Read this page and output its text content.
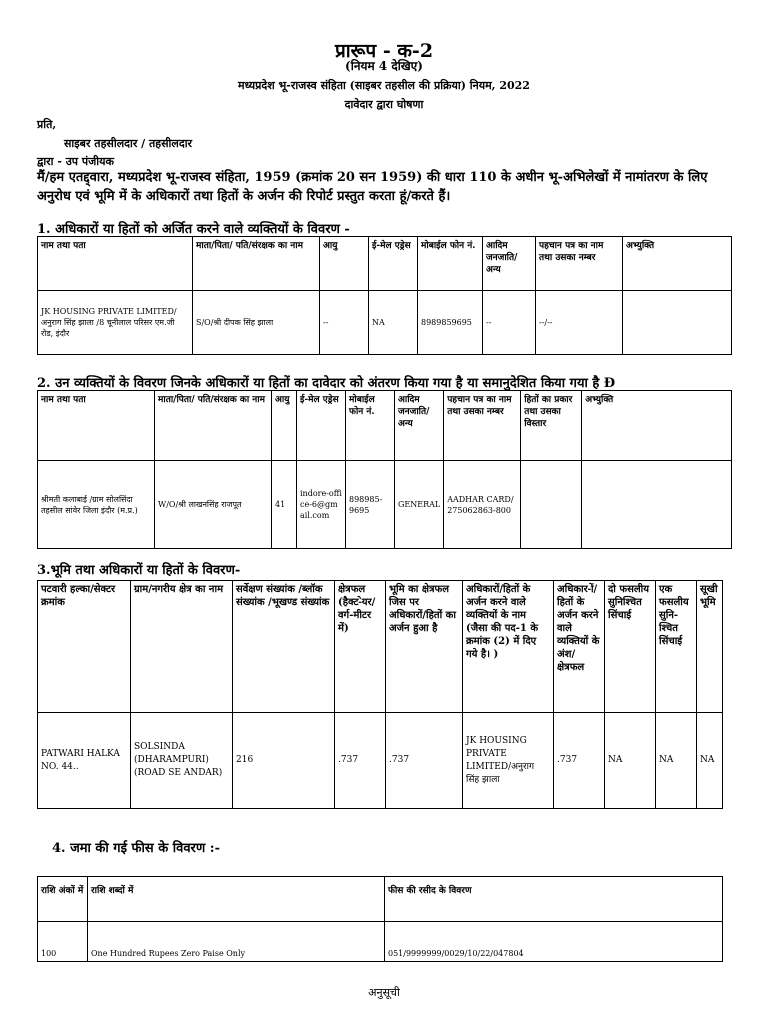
प्रारूप - क-2
(नियम 4 देखिए)
मध्यप्रदेश भू-राजस्व संहिता (साइबर तहसील की प्रक्रिया) नियम, 2022
दावेदार द्वारा घोषणा
प्रति,
साइबर तहसीलदार / तहसीलदार
द्वारा - उप पंजीयक
मैं/हम एतद्द्वारा, मध्यप्रदेश भू-राजस्व संहिता, 1959 (क्रमांक 20 सन 1959) की धारा 110 के अधीन भू-अभिलेखों में नामांतरण के लिए अनुरोध एवं भूमि में के अधिकारों तथा हितों के अर्जन की रिपोर्ट प्रस्तुत करता हूं/करते हैं।
1. अधिकारों या हितों को अर्जित करने वाले व्यक्तियों के विवरण -
नाम तथा पता	माता/पिता/ पति/संरक्षक का नाम	आयु	ई-मेल एड्रेस	मोबाईल फोन नं.	आदिम जनजाति/ अन्य	पहचान पत्र का नाम तथा उसका नम्बर	अभ्युक्ति
JK HOUSING PRIVATE LIMITED/अनुराग सिंह झाला /8 चूनीलाल परिसर एम.जी रोड, इंदौर	S/O/श्री दीपक सिंह झाला	--	NA	8989859695	--	--/--	
2. उन व्यक्तियों के विवरण जिनके अधिकारों या हितों का दावेदार को अंतरण किया गया है या समानुदेशित किया गया है Ð
नाम तथा पता	माता/पिता/ पति/संरक्षक का नाम	आयु	ई-मेल एड्रेस	मोबाईल फोन नं.	आदिम जनजाति/ अन्य	पहचान पत्र का नाम तथा उसका नम्बर	हितों का प्रकार तथा उसका विस्तार	अभ्युक्ति
श्रीमती कलाबाई /ग्राम सोलसिंदा तहसील सांवेर जिला इंदौर (म.प्र.)	W/O/श्री लाखनसिंह राजपूत	41	indore-office-6@gmail.com	898985-9695	GENERAL	AADHAR CARD/275062863-800		
3.भूमि तथा अधिकारों या हितों के विवरण-
पटवारी हल्का/सेक्टर क्रमांक	ग्राम/नगरीय क्षेत्र का नाम	सर्वेक्षण संख्यांक /ब्लॉक संख्यांक /भूखण्ड संख्यांक	क्षेत्रफल (हैक्ट-ेयर/वर्ग-मीटर में)	भूमि का क्षेत्रफल जिस पर अधिकारों/हितों का अर्जन हुआ है	अधिकारों/हितों के अर्जन करने वाले व्यक्तियों के नाम (जैसा की पद-1 के क्रमांक (2) में दिए गये है। )	अधिकार-ों/हितों के अर्जन करने वाले व्यक्तियों के अंश/क्षेत्रफल	दो फसलीय सुनिश्चित सिंचाई	एक फसलीय सुनि-श्चित सिंचाई	सूखी भूमि
PATWARI HALKA NO. 44..	SOLSINDA (DHARAMPURI) (ROAD SE ANDAR)	216	.737	.737	JK HOUSING PRIVATE LIMITED/अनुराग सिंह झाला	.737	NA	NA	NA
4. जमा की गई फीस के विवरण :-
राशि अंकों में	राशि शब्दों में	फीस की रसीद के विवरण
100	One Hundred Rupees Zero Paise Only	051/9999999/0029/10/22/047804
अनुसूची
